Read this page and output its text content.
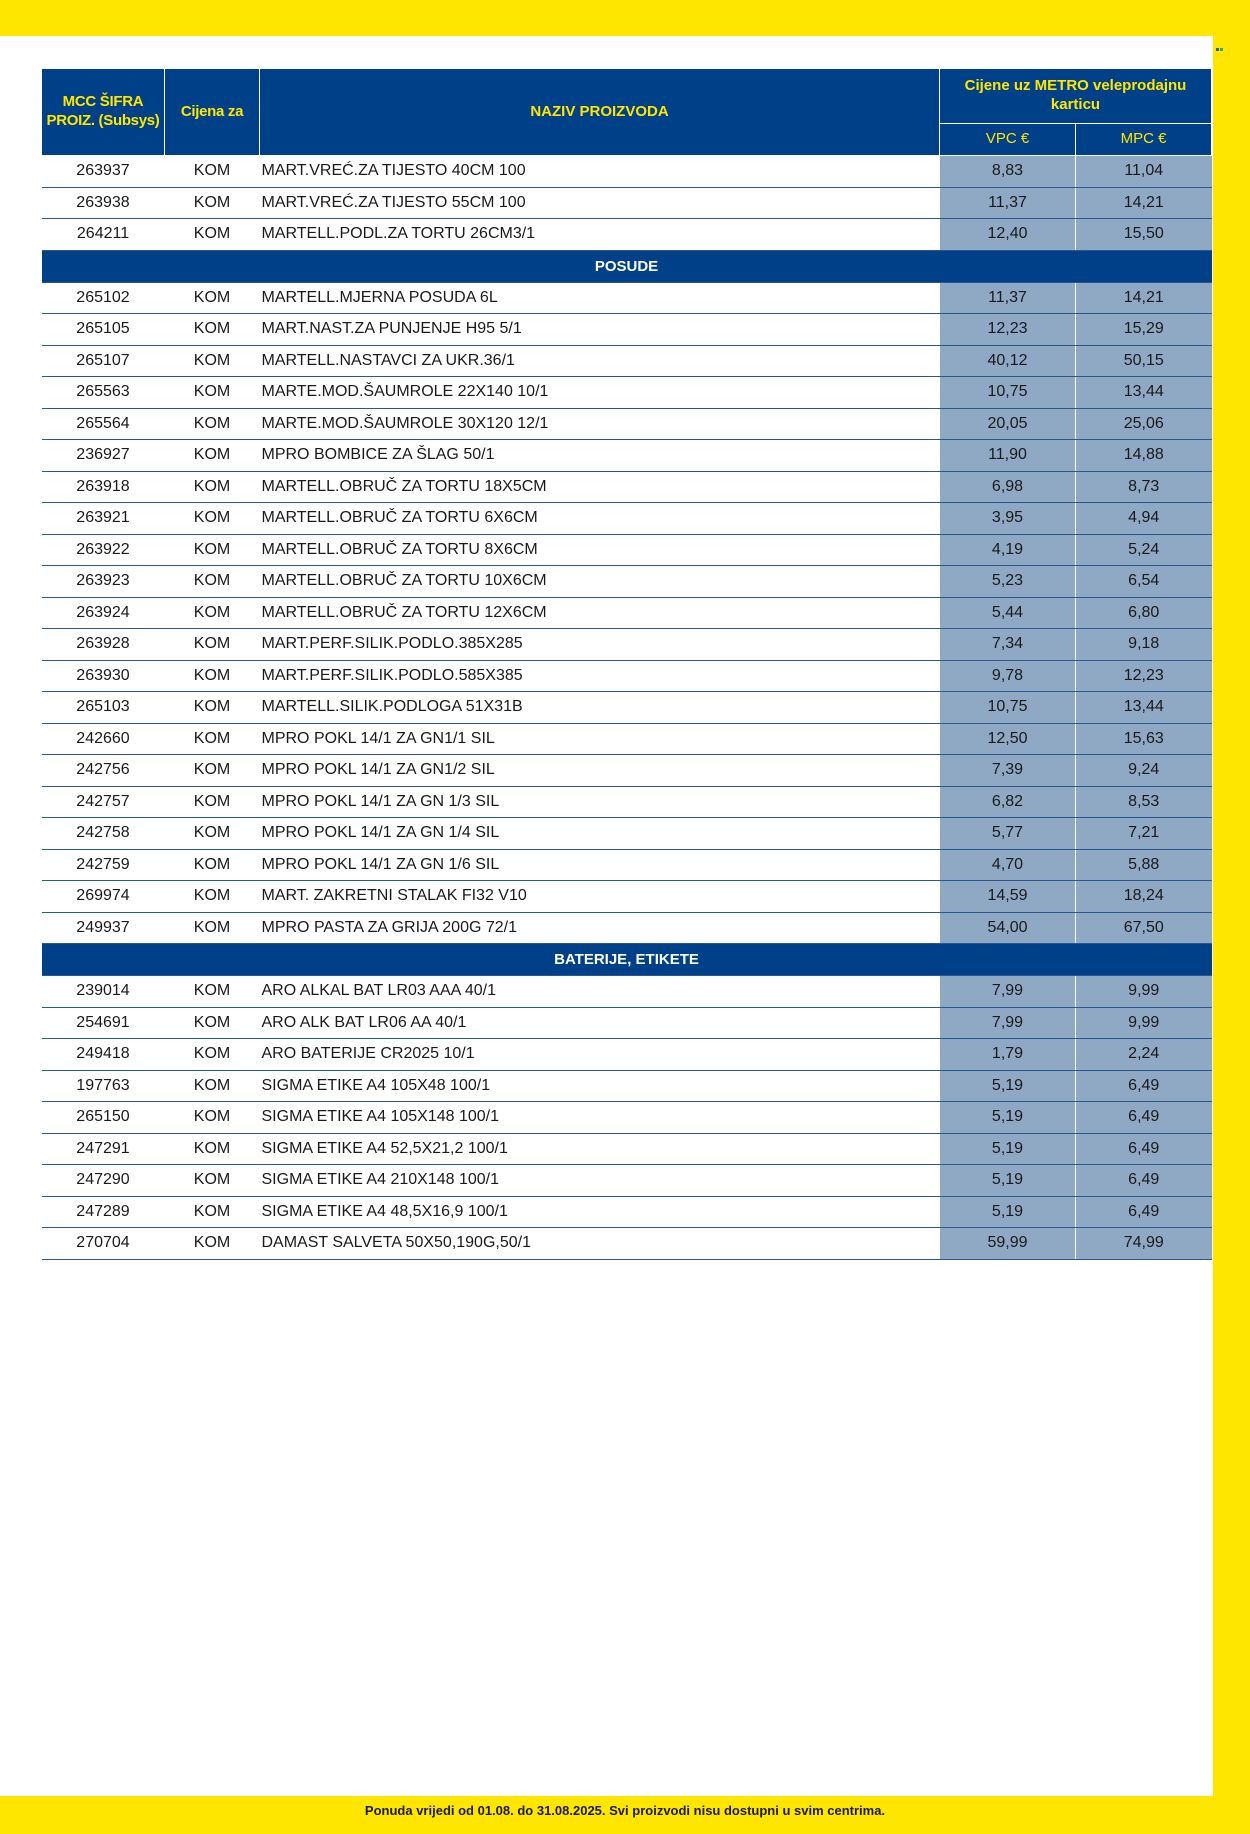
MCC ŠIFRA PROIZ. (Subsys)	Cijena za	NAZIV PROIZVODA	Cijene uz METRO veleprodajnu karticu	
			VPC €	MPC €
263937	KOM	MART.VREĆ.ZA TIJESTO 40CM 100	8,83	11,04
263938	KOM	MART.VREĆ.ZA TIJESTO 55CM 100	11,37	14,21
264211	KOM	MARTELL.PODL.ZA TORTU 26CM3/1	12,40	15,50
POSUDE				
265102	KOM	MARTELL.MJERNA POSUDA 6L	11,37	14,21
265105	KOM	MART.NAST.ZA PUNJENJE H95 5/1	12,23	15,29
265107	KOM	MARTELL.NASTAVCI ZA UKR.36/1	40,12	50,15
265563	KOM	MARTE.MOD.ŠAUMROLE 22X140 10/1	10,75	13,44
265564	KOM	MARTE.MOD.ŠAUMROLE 30X120 12/1	20,05	25,06
236927	KOM	MPRO BOMBICE ZA ŠLAG 50/1	11,90	14,88
263918	KOM	MARTELL.OBRUČ ZA TORTU 18X5CM	6,98	8,73
263921	KOM	MARTELL.OBRUČ ZA TORTU 6X6CM	3,95	4,94
263922	KOM	MARTELL.OBRUČ ZA TORTU 8X6CM	4,19	5,24
263923	KOM	MARTELL.OBRUČ ZA TORTU 10X6CM	5,23	6,54
263924	KOM	MARTELL.OBRUČ ZA TORTU 12X6CM	5,44	6,80
263928	KOM	MART.PERF.SILIK.PODLO.385X285	7,34	9,18
263930	KOM	MART.PERF.SILIK.PODLO.585X385	9,78	12,23
265103	KOM	MARTELL.SILIK.PODLOGA 51X31B	10,75	13,44
242660	KOM	MPRO POKL 14/1 ZA GN1/1 SIL	12,50	15,63
242756	KOM	MPRO POKL 14/1 ZA GN1/2 SIL	7,39	9,24
242757	KOM	MPRO POKL 14/1 ZA GN 1/3 SIL	6,82	8,53
242758	KOM	MPRO POKL 14/1 ZA GN 1/4 SIL	5,77	7,21
242759	KOM	MPRO POKL 14/1 ZA GN 1/6 SIL	4,70	5,88
269974	KOM	MART. ZAKRETNI STALAK FI32 V10	14,59	18,24
249937	KOM	MPRO PASTA ZA GRIJA 200G 72/1	54,00	67,50
BATERIJE, ETIKETE				
239014	KOM	ARO ALKAL BAT LR03 AAA 40/1	7,99	9,99
254691	KOM	ARO ALK BAT LR06 AA 40/1	7,99	9,99
249418	KOM	ARO BATERIJE CR2025 10/1	1,79	2,24
197763	KOM	SIGMA ETIKE A4 105X48 100/1	5,19	6,49
265150	KOM	SIGMA ETIKE A4 105X148 100/1	5,19	6,49
247291	KOM	SIGMA ETIKE A4 52,5X21,2 100/1	5,19	6,49
247290	KOM	SIGMA ETIKE A4 210X148 100/1	5,19	6,49
247289	KOM	SIGMA ETIKE A4 48,5X16,9 100/1	5,19	6,49
270704	KOM	DAMAST SALVETA 50X50,190G,50/1	59,99	74,99
Ponuda vrijedi od 01.08. do 31.08.2025. Svi proizvodi nisu dostupni u svim centrima.
